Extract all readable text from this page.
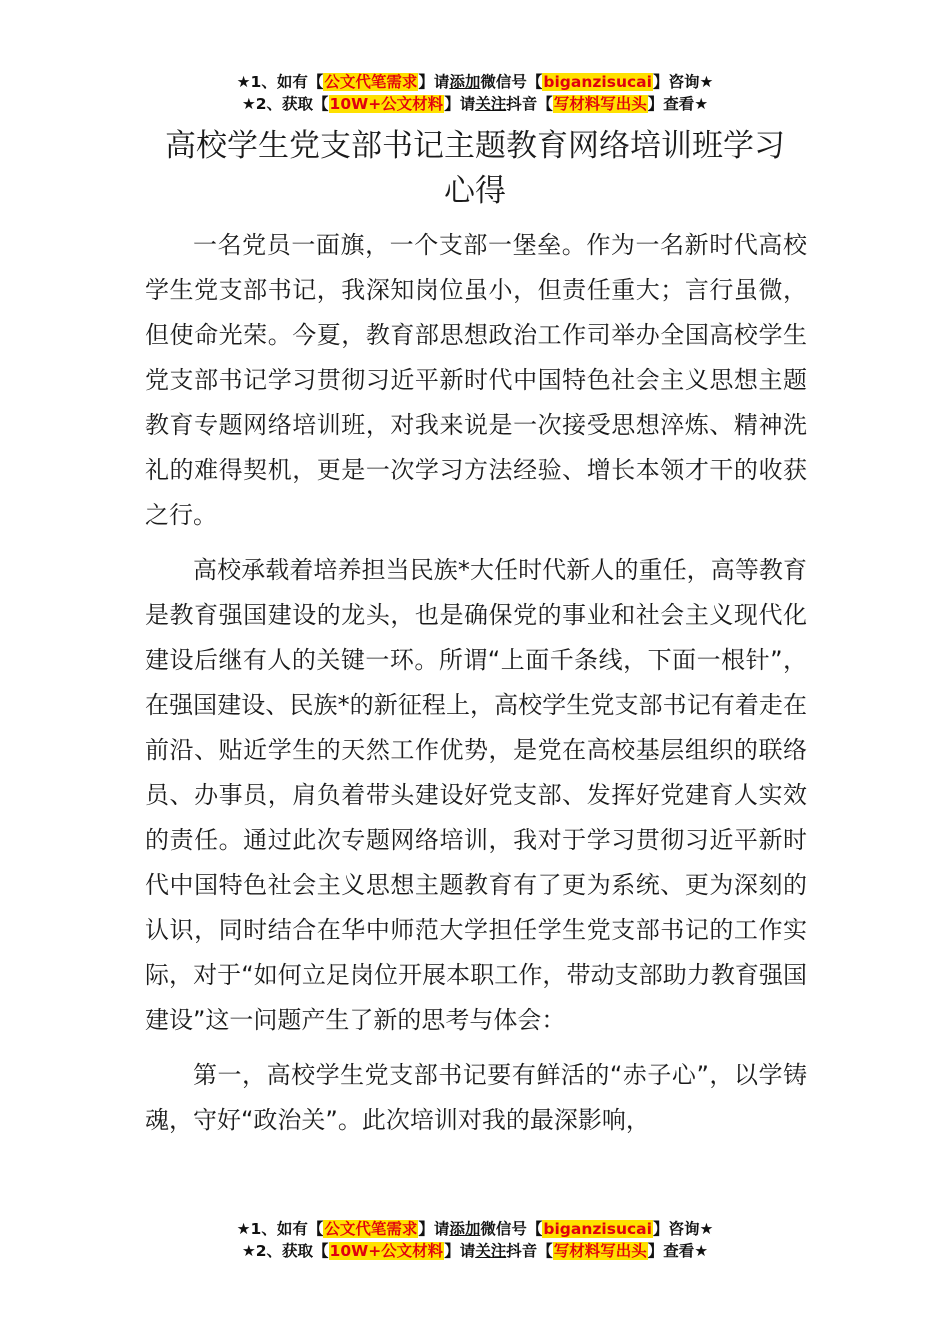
★1、如有【公文代笔需求】请添加微信号【biganzisucai】咨询★
★2、获取【10W+公文材料】请关注抖音【写材料写出头】查看★
高校学生党支部书记主题教育网络培训班学习心得

一名党员一面旗，一个支部一堡垒。作为一名新时代高校学生党支部书记，我深知岗位虽小，但责任重大；言行虽微，但使命光荣。今夏，教育部思想政治工作司举办全国高校学生党支部书记学习贯彻习近平新时代中国特色社会主义思想主题教育专题网络培训班，对我来说是一次接受思想淬炼、精神洗礼的难得契机，更是一次学习方法经验、增长本领才干的收获之行。

高校承载着培养担当民族*大任时代新人的重任，高等教育是教育强国建设的龙头，也是确保党的事业和社会主义现代化建设后继有人的关键一环。所谓“上面千条线，下面一根针”，在强国建设、民族*的新征程上，高校学生党支部书记有着走在前沿、贴近学生的天然工作优势，是党在高校基层组织的联络员、办事员，肩负着带头建设好党支部、发挥好党建育人实效的责任。通过此次专题网络培训，我对于学习贯彻习近平新时代中国特色社会主义思想主题教育有了更为系统、更为深刻的认识，同时结合在华中师范大学担任学生党支部书记的工作实际，对于“如何立足岗位开展本职工作，带动支部助力教育强国建设”这一问题产生了新的思考与体会：

第一，高校学生党支部书记要有鲜活的“赤子心”，以学铸魂，守好“政治关”。此次培训对我的最深影响，

★1、如有【公文代笔需求】请添加微信号【biganzisucai】咨询★
★2、获取【10W+公文材料】请关注抖音【写材料写出头】查看★
